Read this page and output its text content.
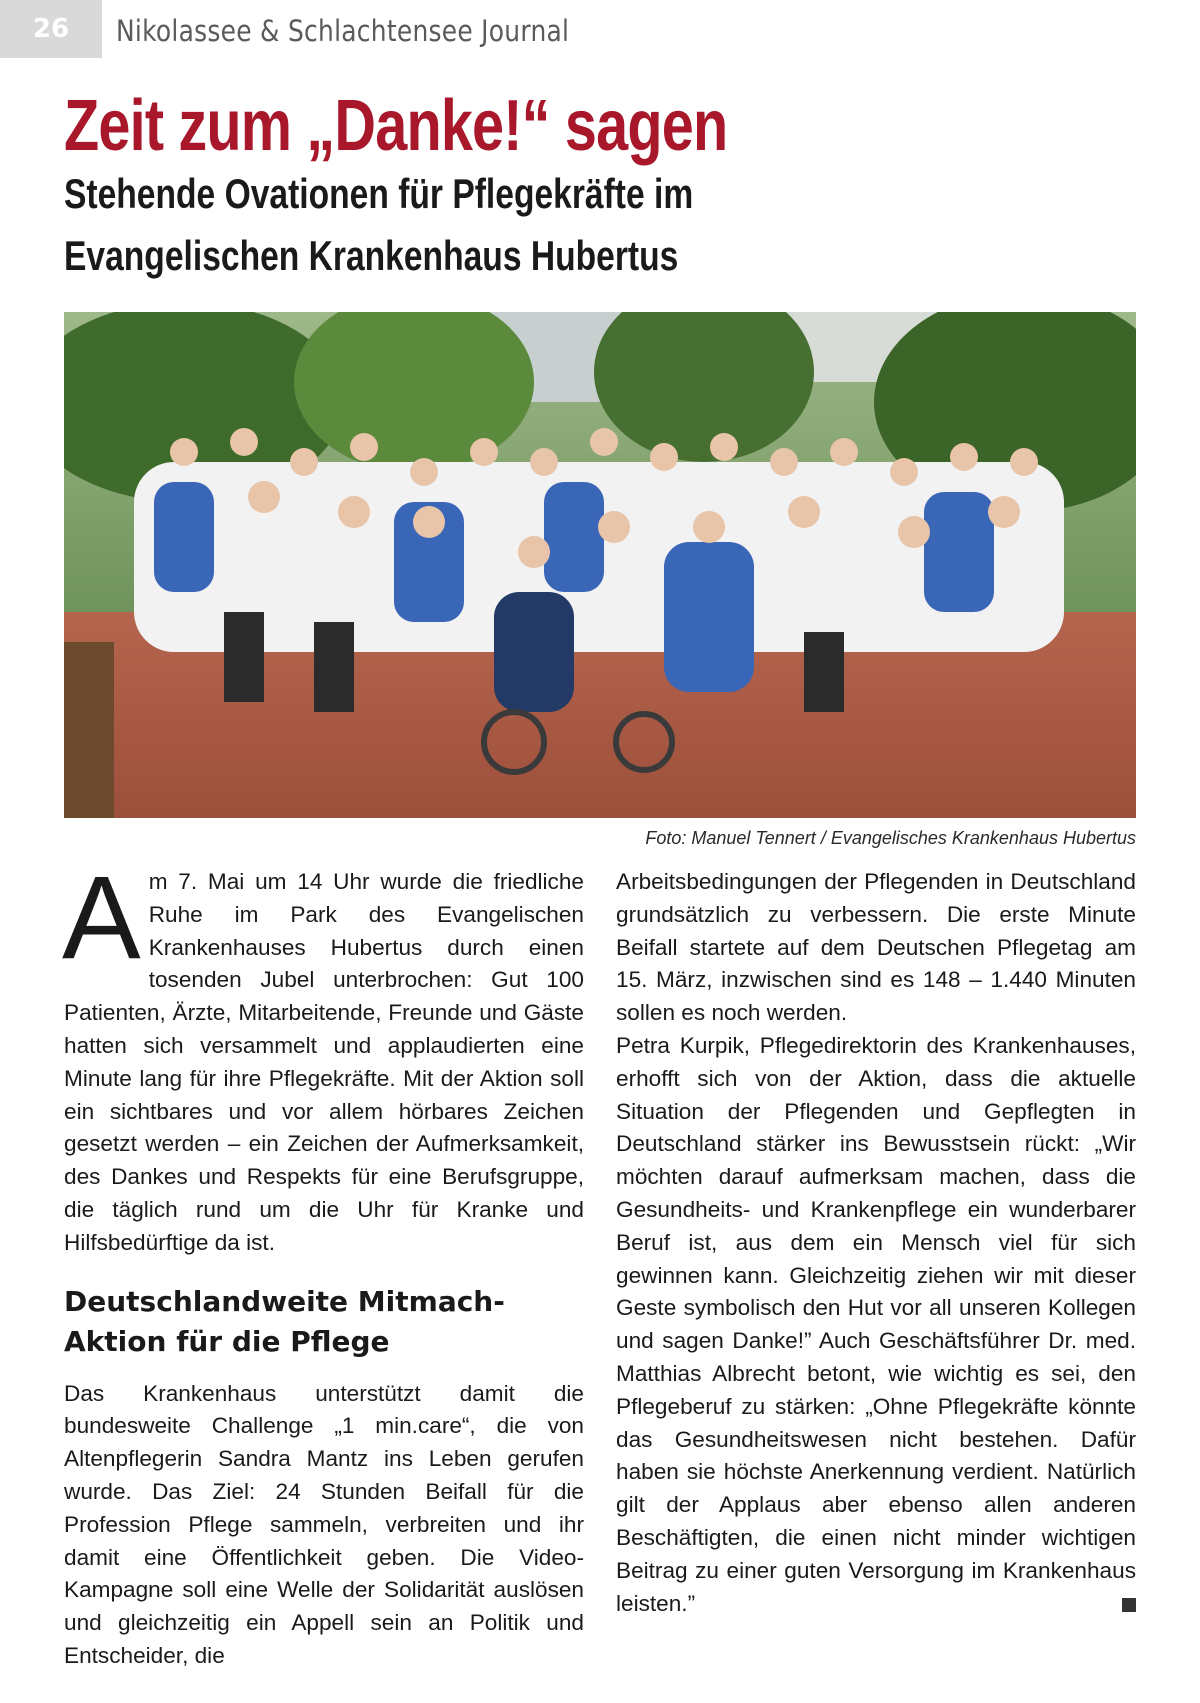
26	Nikolassee & Schlachtensee Journal
Zeit zum „Danke!“ sagen
Stehende Ovationen für Pflegekräfte im
Evangelischen Krankenhaus Hubertus
Foto: Manuel Tennert / Evangelisches Krankenhaus Hubertus

Am 7. Mai um 14 Uhr wurde die friedliche Ruhe im Park des Evangelischen Krankenhauses Hubertus durch einen tosenden Jubel unterbrochen: Gut 100 Patienten, Ärzte, Mitarbeitende, Freunde und Gäste hatten sich versammelt und applaudierten eine Minute lang für ihre Pflegekräfte. Mit der Aktion soll ein sichtbares und vor allem hörbares Zeichen gesetzt werden – ein Zeichen der Aufmerksamkeit, des Dankes und Respekts für eine Berufsgruppe, die täglich rund um die Uhr für Kranke und Hilfsbedürftige da ist.

Deutschlandweite Mitmach-Aktion für die Pflege

Das Krankenhaus unterstützt damit die bundesweite Challenge „1 min.care“, die von Altenpflegerin Sandra Mantz ins Leben gerufen wurde. Das Ziel: 24 Stunden Beifall für die Profession Pflege sammeln, verbreiten und ihr damit eine Öffentlichkeit geben. Die Video-Kampagne soll eine Welle der Solidarität auslösen und gleichzeitig ein Appell sein an Politik und Entscheider, die

Arbeitsbedingungen der Pflegenden in Deutschland grundsätzlich zu verbessern. Die erste Minute Beifall startete auf dem Deutschen Pflegetag am 15. März, inzwischen sind es 148 – 1.440 Minuten sollen es noch werden.

Petra Kurpik, Pflegedirektorin des Krankenhauses, erhofft sich von der Aktion, dass die aktuelle Situation der Pflegenden und Gepflegten in Deutschland stärker ins Bewusstsein rückt: „Wir möchten darauf aufmerksam machen, dass die Gesundheits- und Krankenpflege ein wunderbarer Beruf ist, aus dem ein Mensch viel für sich gewinnen kann. Gleichzeitig ziehen wir mit dieser Geste symbolisch den Hut vor all unseren Kollegen und sagen Danke!” Auch Geschäftsführer Dr. med. Matthias Albrecht betont, wie wichtig es sei, den Pflegeberuf zu stärken: „Ohne Pflegekräfte könnte das Gesundheitswesen nicht bestehen. Dafür haben sie höchste Anerkennung verdient. Natürlich gilt der Applaus aber ebenso allen anderen Beschäftigten, die einen nicht minder wichtigen Beitrag zu einer guten Versorgung im Krankenhaus leisten.”
